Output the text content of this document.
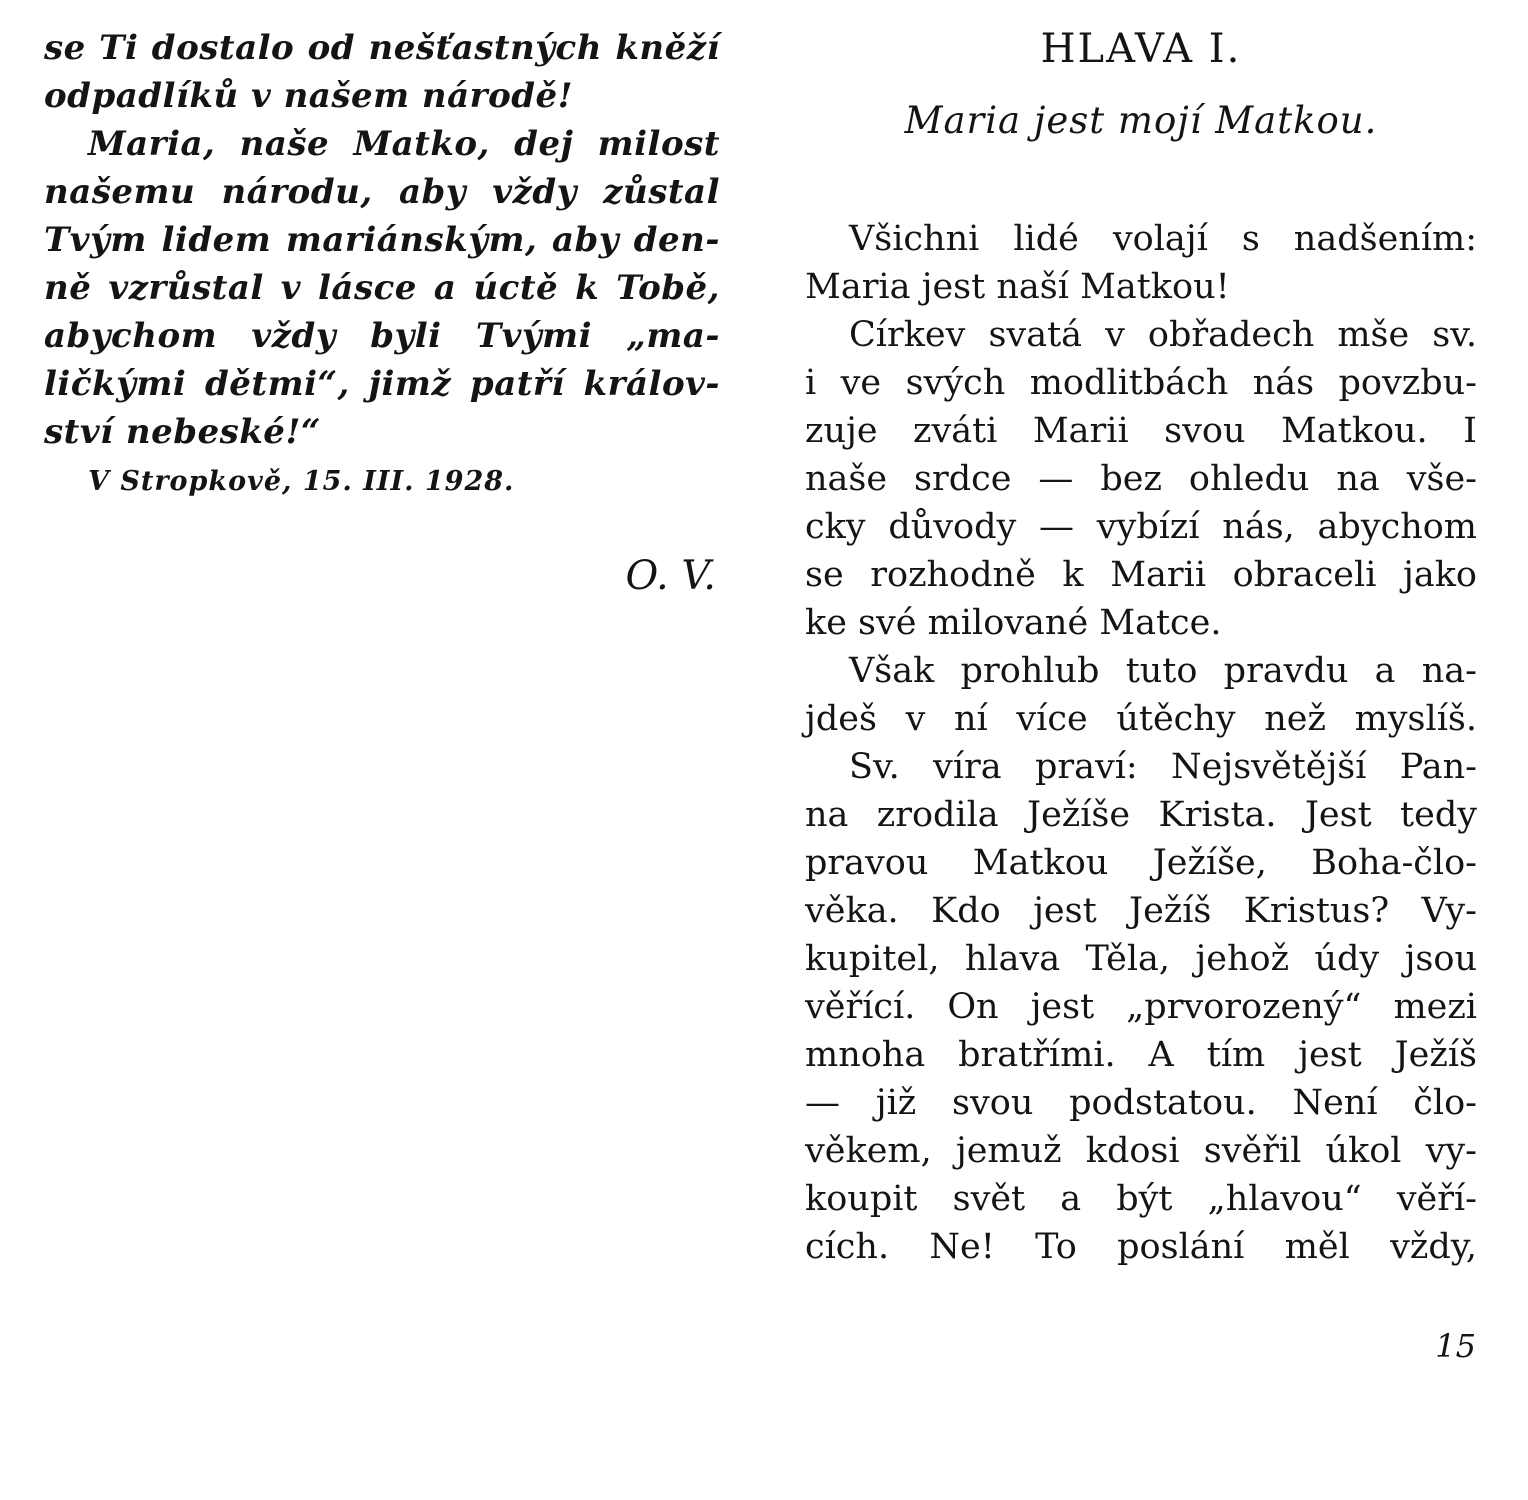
se Ti dostalo od nešťastných kněží
odpadlíků v našem národě!
Maria, naše Matko, dej milost
našemu národu, aby vždy zůstal
Tvým lidem mariánským, aby den-
ně vzrůstal v lásce a úctě k Tobě,
abychom vždy byli Tvými „ma-
ličkými dětmi“, jimž patří králov-
ství nebeské!“
V Stropkově, 15. III. 1928.
O. V.
HLAVA I.
Maria jest mojí Matkou.
Všichni lidé volají s nadšením:
Maria jest naší Matkou!
Církev svatá v obřadech mše sv.
i ve svých modlitbách nás povzbu-
zuje zváti Marii svou Matkou. I
naše srdce — bez ohledu na vše-
cky důvody — vybízí nás, abychom
se rozhodně k Marii obraceli jako
ke své milované Matce.
Však prohlub tuto pravdu a na-
jdeš v ní více útěchy než myslíš.
Sv. víra praví: Nejsvětější Pan-
na zrodila Ježíše Krista. Jest tedy
pravou Matkou Ježíše, Boha-člo-
věka. Kdo jest Ježíš Kristus? Vy-
kupitel, hlava Těla, jehož údy jsou
věřící. On jest „prvorozený“ mezi
mnoha bratřími. A tím jest Ježíš
— již svou podstatou. Není člo-
věkem, jemuž kdosi svěřil úkol vy-
koupit svět a být „hlavou“ věří-
cích. Ne! To poslání měl vždy,
15
